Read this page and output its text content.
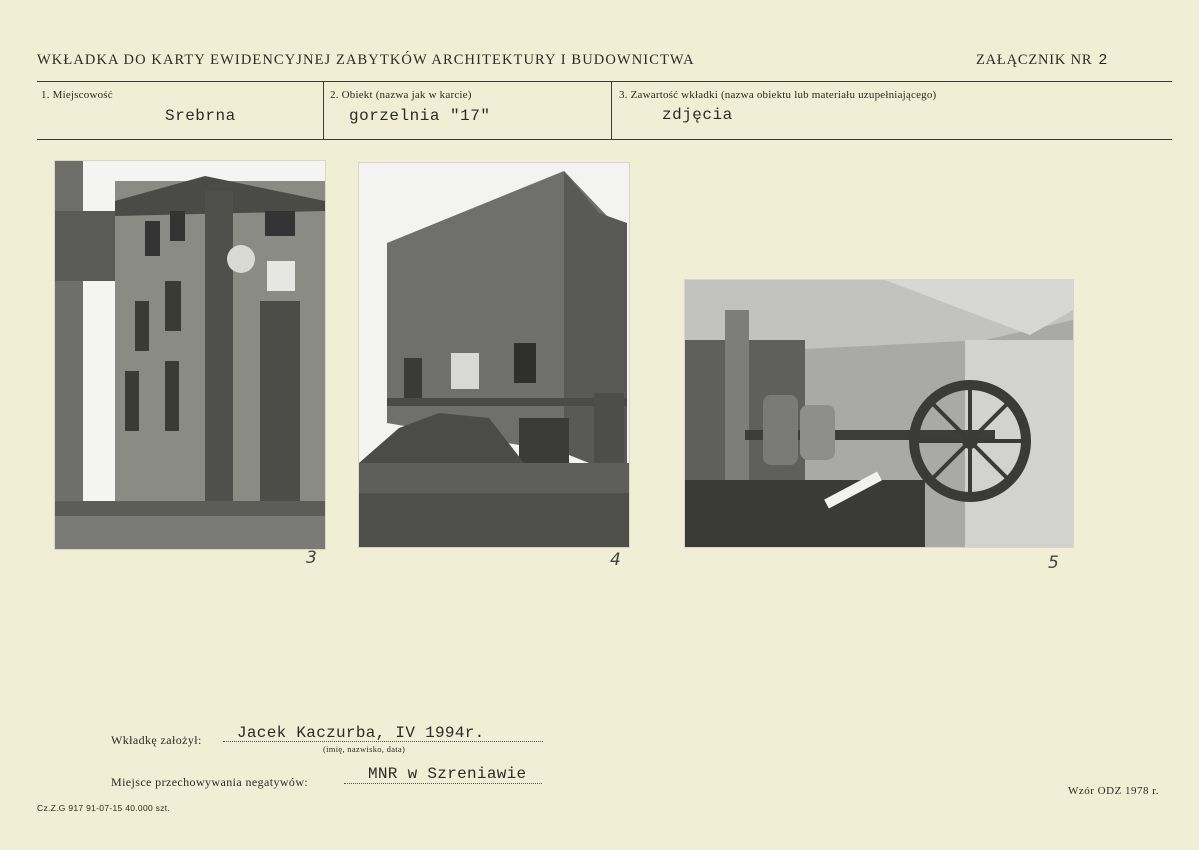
WKŁADKA DO KARTY EWIDENCYJNEJ ZABYTKÓW ARCHITEKTURY I BUDOWNICTWA	ZAŁĄCZNIK NR 2
1. Miejscowość
Srebrna
2. Obiekt (nazwa jak w karcie)
gorzelnia "17"
3. Zawartość wkładki (nazwa obiektu lub materiału uzupełniającego)
zdjęcia
3	4	5
Wkładkę założył: Jacek Kaczurba, IV 1994r.
(imię, nazwisko, data)
Miejsce przechowywania negatywów:	MNR w Szreniawie
Cz.Z.G 917 91-07-15 40.000 szt.
Wzór ODZ 1978 r.
